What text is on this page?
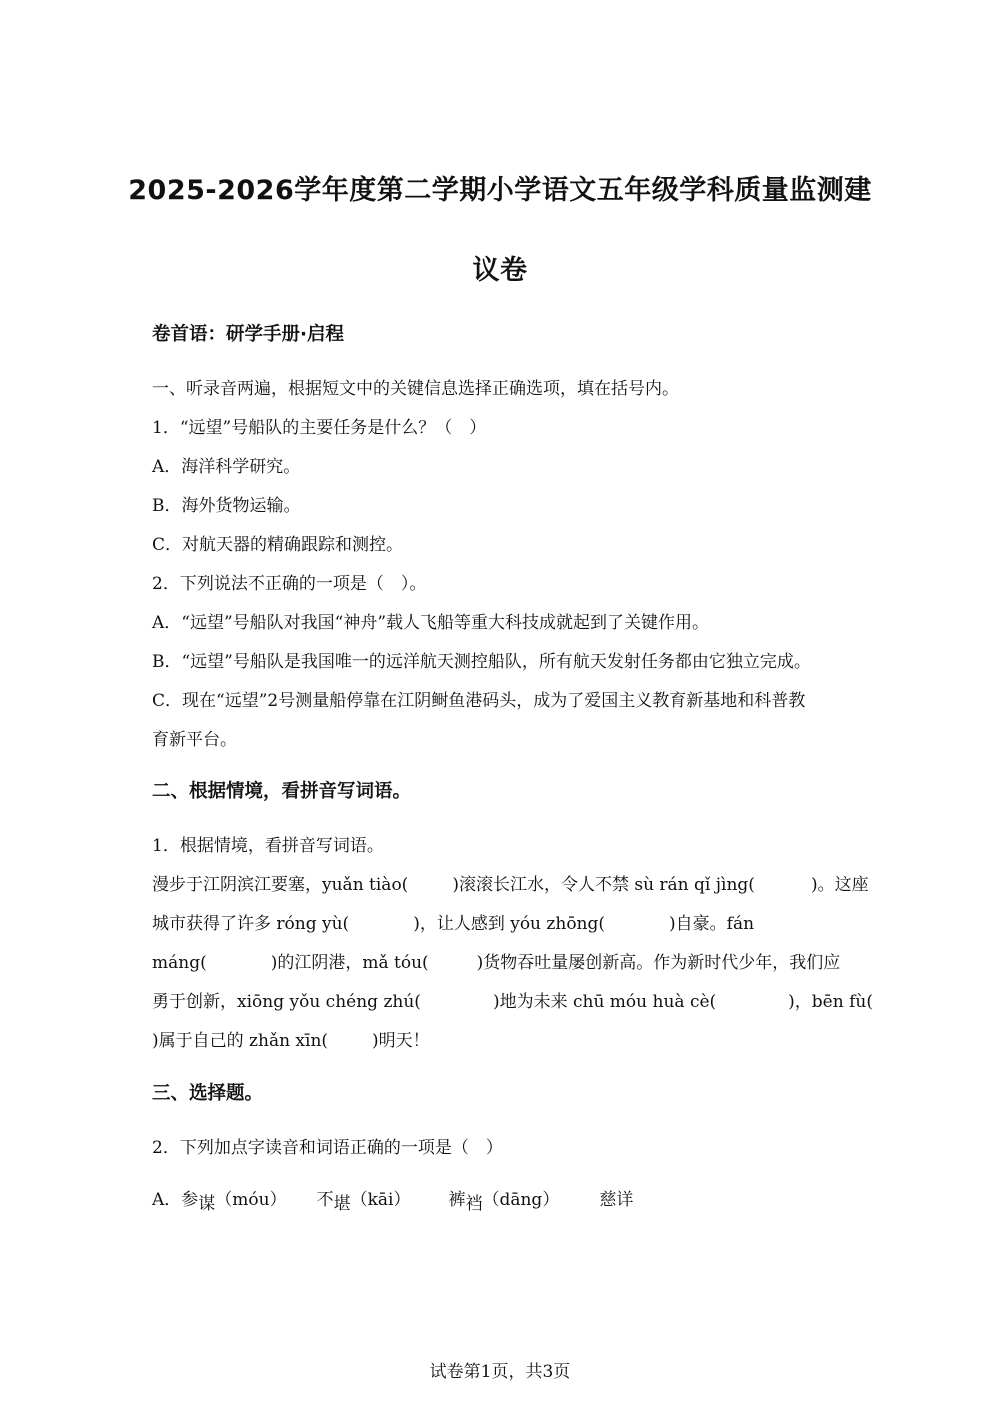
2025-2026学年度第二学期小学语文五年级学科质量监测建
议卷
卷首语：研学手册·启程
一、听录音两遍，根据短文中的关键信息选择正确选项，填在括号内。
1．“远望”号船队的主要任务是什么？（　）
A．海洋科学研究。
B．海外货物运输。
C．对航天器的精确跟踪和测控。
2．下列说法不正确的一项是（　）。
A．“远望”号船队对我国“神舟”载人飞船等重大科技成就起到了关键作用。
B．“远望”号船队是我国唯一的远洋航天测控船队，所有航天发射任务都由它独立完成。
C．现在“远望”2号测量船停靠在江阴鲥鱼港码头，成为了爱国主义教育新基地和科普教
育新平台。
二、根据情境，看拼音写词语。
1．根据情境，看拼音写词语。
漫步于江阴滨江要塞，yuǎn tiào(	)滚滚长江水，令人不禁 sù rán qǐ jìng(	)。这座
城市获得了许多 róng yù(	)，让人感到 yóu zhōng(	)自豪。fán
máng(	)的江阴港，mǎ tóu(	)货物吞吐量屡创新高。作为新时代少年，我们应
勇于创新，xiōng yǒu chéng zhú(	)地为未来 chū móu huà cè(	)，bēn fù(
)属于自己的 zhǎn xīn(	)明天！
三、选择题。
2．下列加点字读音和词语正确的一项是（　）
A．参谋（móu） 不堪（kāi） 裤裆（dāng） 慈详
试卷第1页，共3页
